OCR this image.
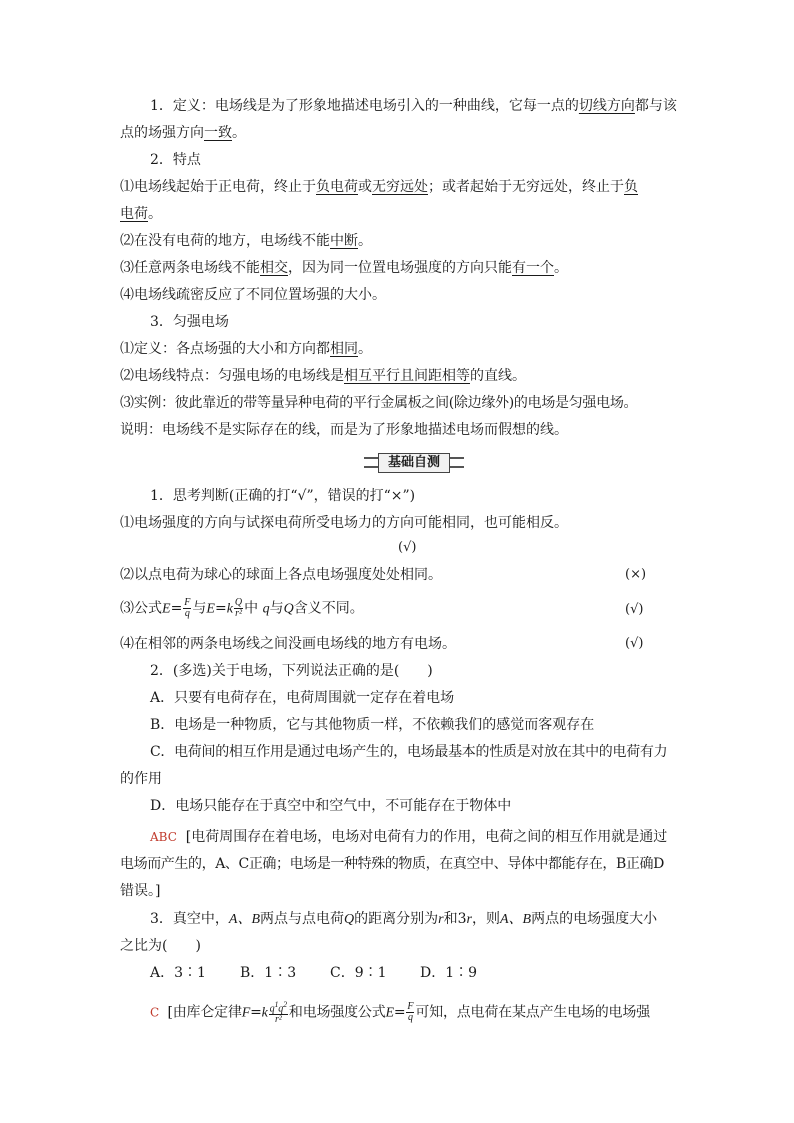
1．定义：电场线是为了形象地描述电场引入的一种曲线，它每一点的切线方向都与该
点的场强方向一致。
2．特点
⑴电场线起始于正电荷，终止于负电荷或无穷远处；或者起始于无穷远处，终止于负
电荷。
⑵在没有电荷的地方，电场线不能中断。
⑶任意两条电场线不能相交，因为同一位置电场强度的方向只能有一个。
⑷电场线疏密反应了不同位置场强的大小。
3．匀强电场
⑴定义：各点场强的大小和方向都相同。
⑵电场线特点：匀强电场的电场线是相互平行且间距相等的直线。
⑶实例：彼此靠近的带等量异种电荷的平行金属板之间(除边缘外)的电场是匀强电场。
说明：电场线不是实际存在的线，而是为了形象地描述电场而假想的线。
基础自测
1．思考判断(正确的打“√”，错误的打“×”)
⑴电场强度的方向与试探电荷所受电场力的方向可能相同，也可能相反。
(√)
⑵以点电荷为球心的球面上各点电场强度处处相同。	(×)
⑶公式$E= \frac{F}{q}$ 与$E=k \frac{Q}{\text{r²}}$ 中 q与Q含义不同。	(√)
⑷在相邻的两条电场线之间没画电场线的地方有电场。	(√)
2．(多选)关于电场，下列说法正确的是(　　)
A．只要有电荷存在，电荷周围就一定存在着电场
B．电场是一种物质，它与其他物质一样，不依赖我们的感觉而客观存在
C．电荷间的相互作用是通过电场产生的，电场最基本的性质是对放在其中的电荷有力
的作用
D．电场只能存在于真空中和空气中，不可能存在于物体中
ABC [电荷周围存在着电场，电场对电荷有力的作用，电荷之间的相互作用就是通过
电场而产生的，A、C正确；电场是一种特殊的物质，在真空中、导体中都能存在，B正确D
错误。]
3．真空中，A、B两点与点电荷Q的距离分别为r和3r，则A、B两点的电场强度大小
之比为(　　)
A．3∶1 B．1∶3 C．9∶1 D．1∶9
C [由库仑定律$F=k \frac{q^1q^2}{\text{r²}}$ 和电场强度公式$E= \frac{F}{q}$ 可知，点电荷在某点产生电场的电场强
